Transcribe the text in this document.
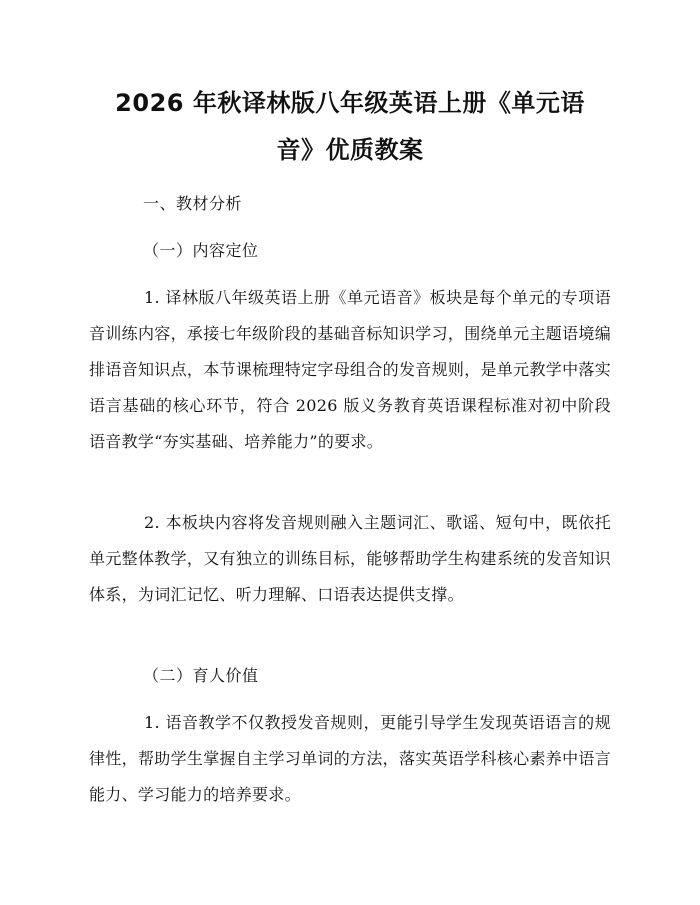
2026 年秋译林版八年级英语上册《单元语
音》优质教案
一、教材分析
（一）内容定位
1. 译林版八年级英语上册《单元语音》板块是每个单元的专项语音训练内容，承接七年级阶段的基础音标知识学习，围绕单元主题语境编排语音知识点，本节课梳理特定字母组合的发音规则，是单元教学中落实语言基础的核心环节，符合 2026 版义务教育英语课程标准对初中阶段语音教学“夯实基础、培养能力”的要求。
2. 本板块内容将发音规则融入主题词汇、歌谣、短句中，既依托单元整体教学，又有独立的训练目标，能够帮助学生构建系统的发音知识体系，为词汇记忆、听力理解、口语表达提供支撑。
（二）育人价值
1. 语音教学不仅教授发音规则，更能引导学生发现英语语言的规律性，帮助学生掌握自主学习单词的方法，落实英语学科核心素养中语言能力、学习能力的培养要求。
